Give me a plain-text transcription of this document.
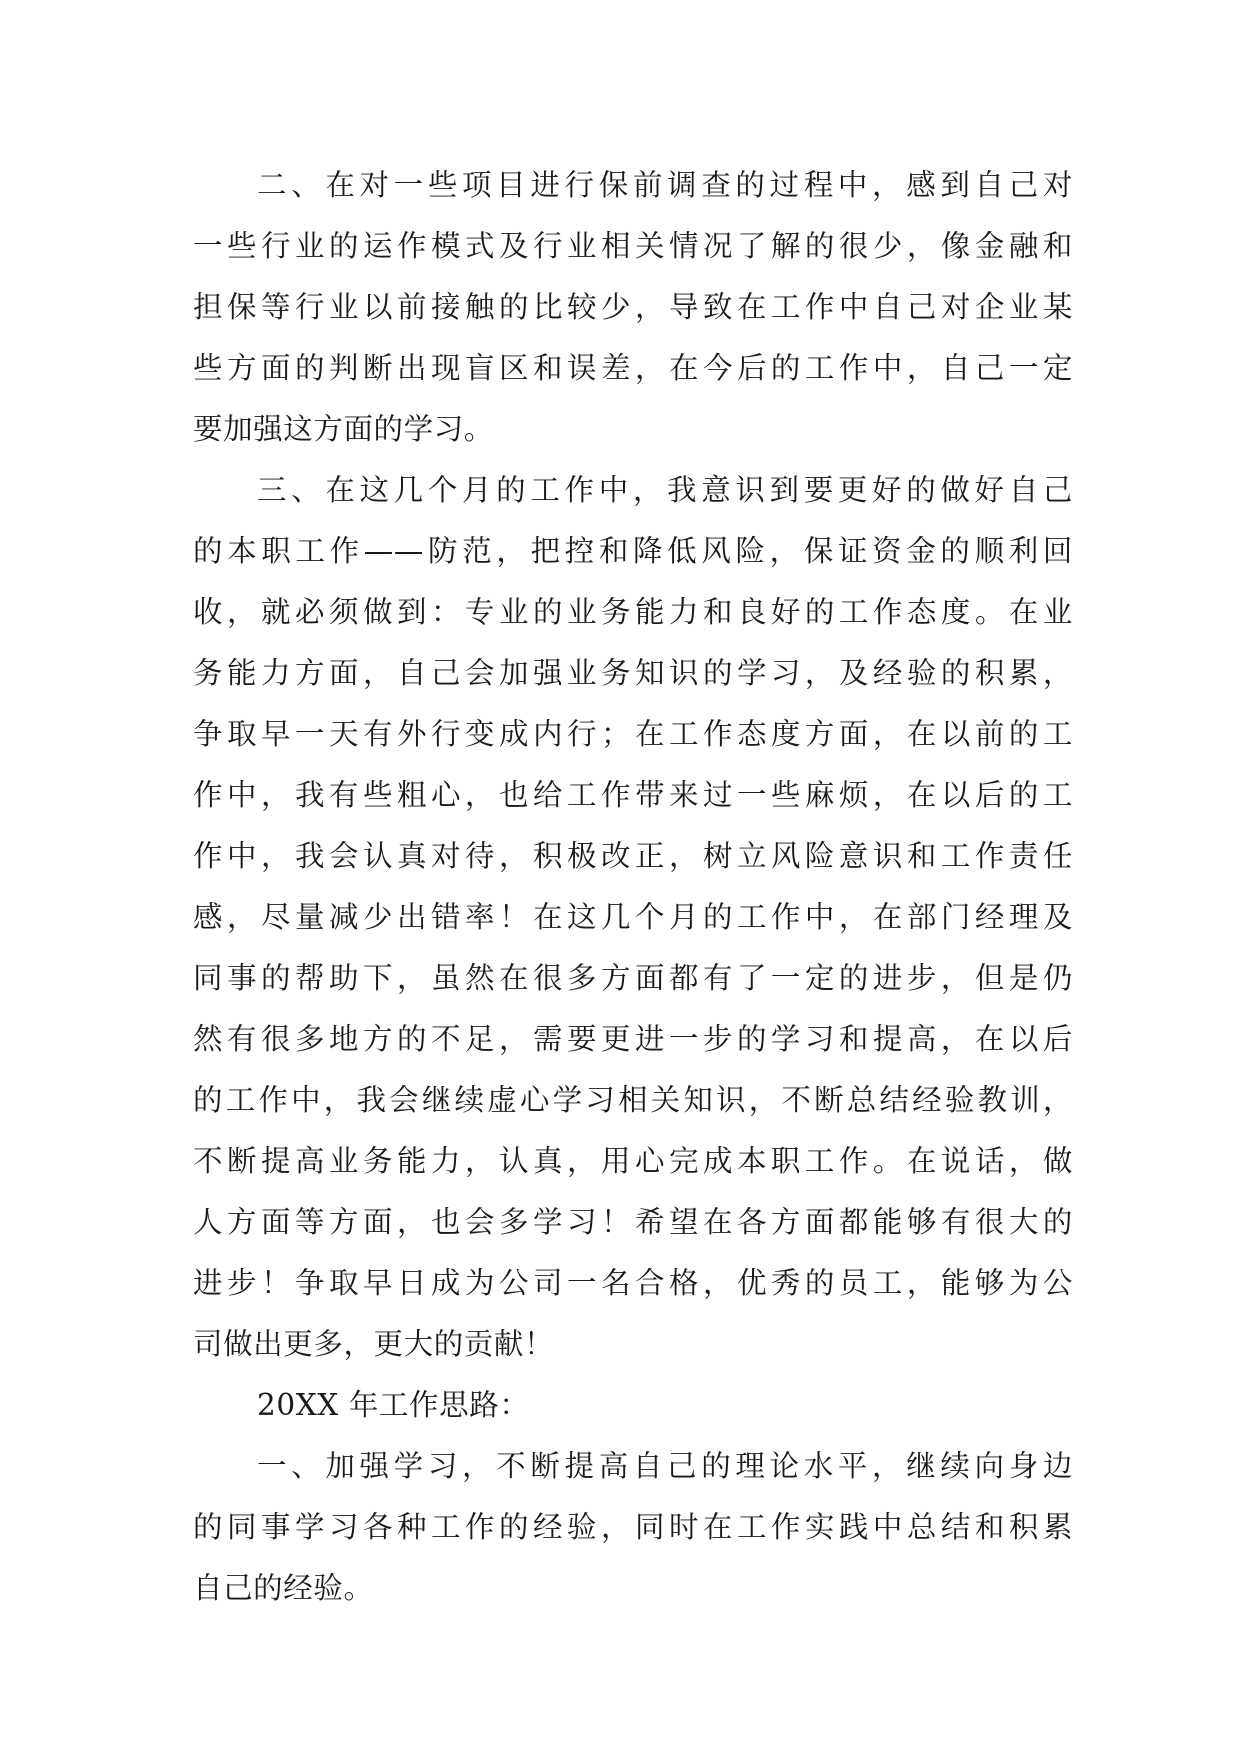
二、在对一些项目进行保前调查的过程中，感到自己对
一些行业的运作模式及行业相关情况了解的很少，像金融和
担保等行业以前接触的比较少，导致在工作中自己对企业某
些方面的判断出现盲区和误差，在今后的工作中，自己一定
要加强这方面的学习。
三、在这几个月的工作中，我意识到要更好的做好自己
的本职工作——防范，把控和降低风险，保证资金的顺利回
收，就必须做到：专业的业务能力和良好的工作态度。在业
务能力方面，自己会加强业务知识的学习，及经验的积累，
争取早一天有外行变成内行；在工作态度方面，在以前的工
作中，我有些粗心，也给工作带来过一些麻烦，在以后的工
作中，我会认真对待，积极改正，树立风险意识和工作责任
感，尽量减少出错率！在这几个月的工作中，在部门经理及
同事的帮助下，虽然在很多方面都有了一定的进步，但是仍
然有很多地方的不足，需要更进一步的学习和提高，在以后
的工作中，我会继续虚心学习相关知识，不断总结经验教训，
不断提高业务能力，认真，用心完成本职工作。在说话，做
人方面等方面，也会多学习！希望在各方面都能够有很大的
进步！争取早日成为公司一名合格，优秀的员工，能够为公
司做出更多，更大的贡献！
20XX 年工作思路：
一、加强学习，不断提高自己的理论水平，继续向身边
的同事学习各种工作的经验，同时在工作实践中总结和积累
自己的经验。
